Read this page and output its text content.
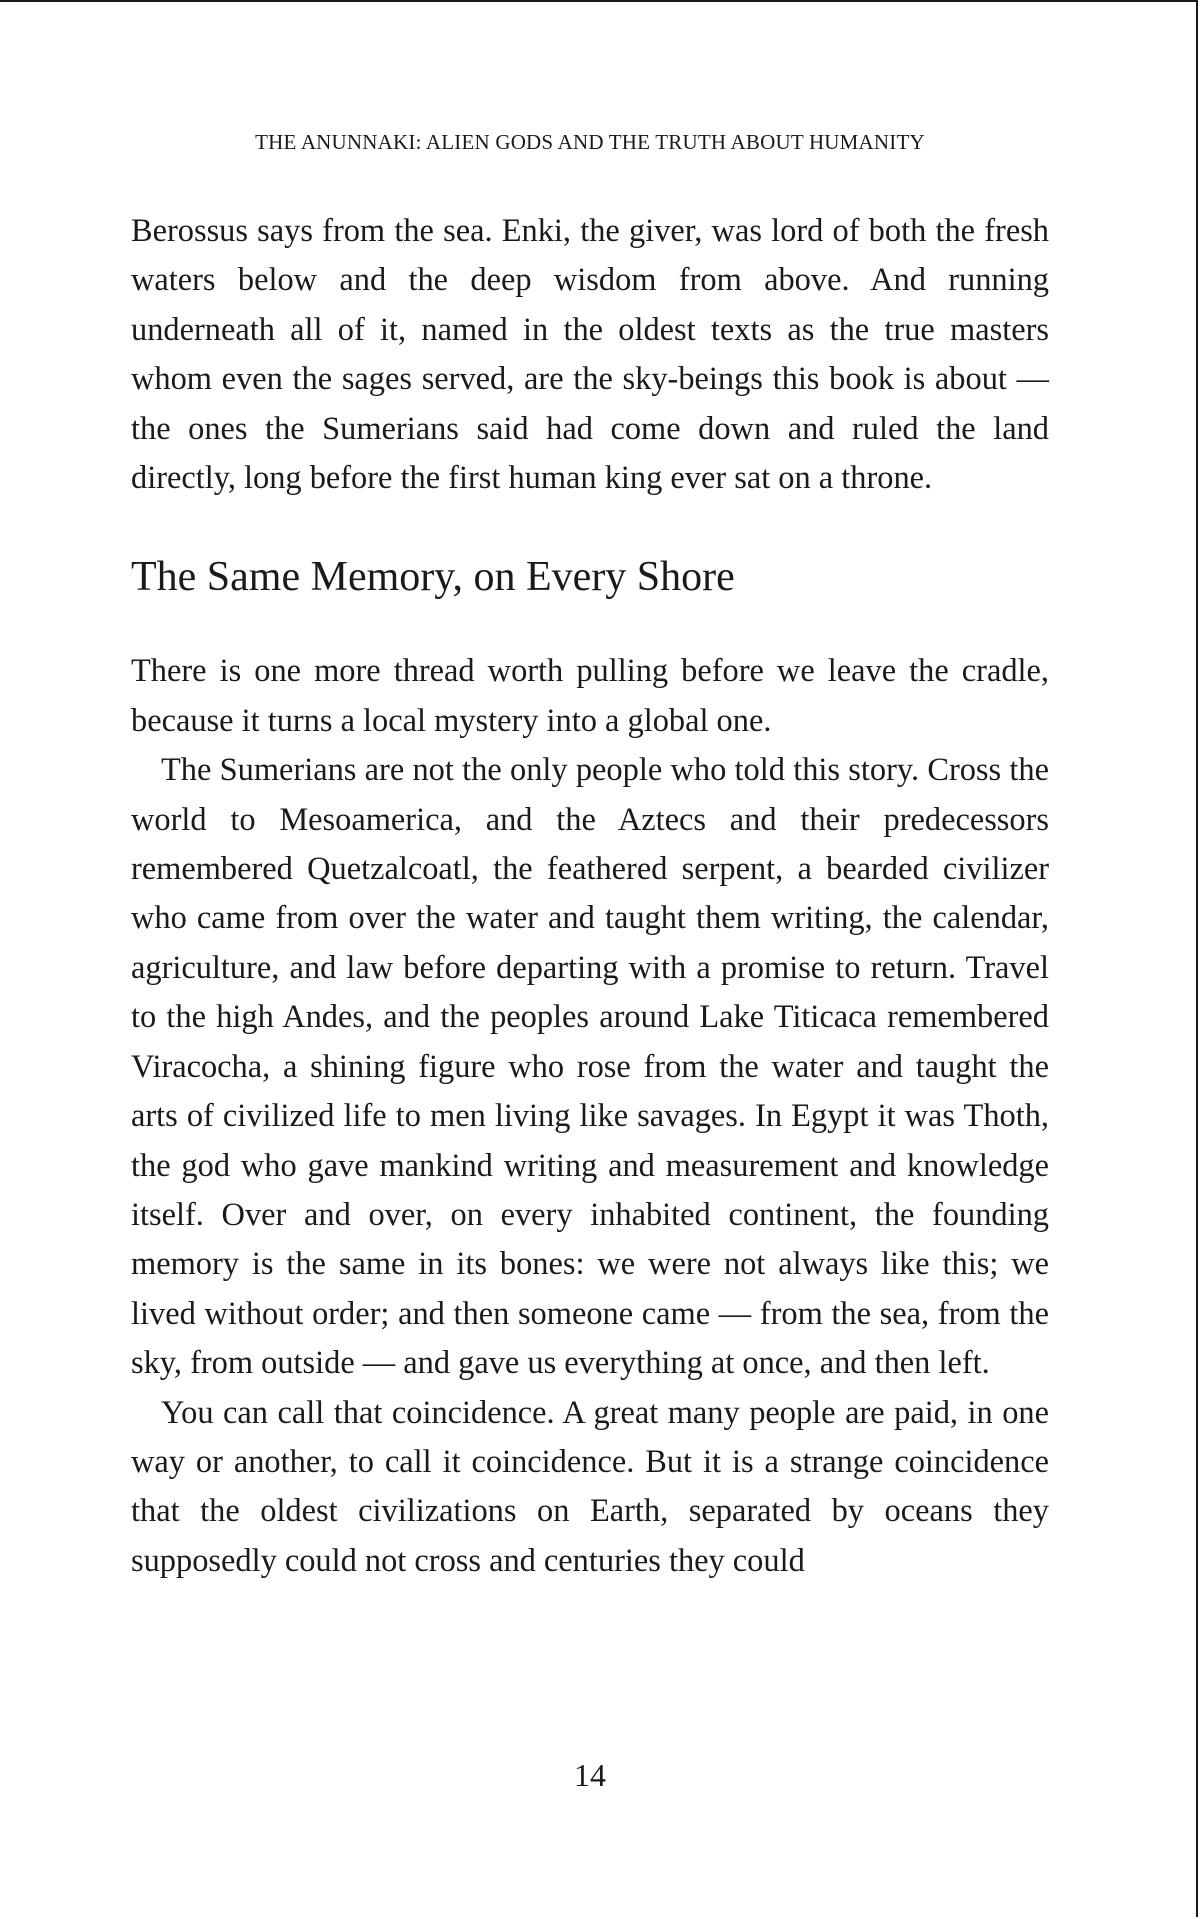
THE ANUNNAKI: ALIEN GODS AND THE TRUTH ABOUT HUMANITY

Berossus says from the sea. Enki, the giver, was lord of both the fresh waters below and the deep wisdom from above. And running underneath all of it, named in the oldest texts as the true masters whom even the sages served, are the sky-beings this book is about — the ones the Sumerians said had come down and ruled the land directly, long before the first human king ever sat on a throne.

The Same Memory, on Every Shore

There is one more thread worth pulling before we leave the cradle, because it turns a local mystery into a global one.

The Sumerians are not the only people who told this story. Cross the world to Mesoamerica, and the Aztecs and their predecessors remembered Quetzalcoatl, the feathered serpent, a bearded civilizer who came from over the water and taught them writing, the calendar, agriculture, and law before departing with a promise to return. Travel to the high Andes, and the peoples around Lake Titicaca remembered Viracocha, a shining figure who rose from the water and taught the arts of civilized life to men living like savages. In Egypt it was Thoth, the god who gave mankind writing and measurement and knowledge itself. Over and over, on every inhabited continent, the founding memory is the same in its bones: we were not always like this; we lived without order; and then someone came — from the sea, from the sky, from outside — and gave us everything at once, and then left.

You can call that coincidence. A great many people are paid, in one way or another, to call it coincidence. But it is a strange coincidence that the oldest civilizations on Earth, separated by oceans they supposedly could not cross and centuries they could

14
